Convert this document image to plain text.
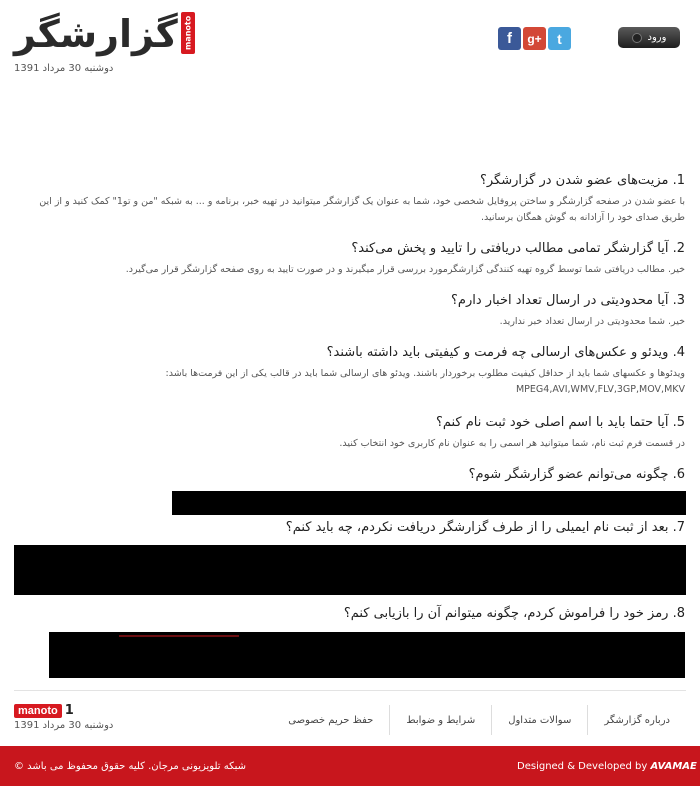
گزارشگر manoto
دوشنبه 30 مرداد 1391
f	g+	t	ورود
1. مزیت‌های عضو شدن در گزارشگر؟
با عضو شدن در صفحه گزارشگر و ساختن پروفایل شخصی خود، شما به عنوان یک گزارشگر میتوانید در تهیه خبر، برنامه و ... به شبکه "من و تو1" کمک کنید و از این طریق صدای خود را آزادانه به گوش همگان برسانید.
2. آیا گزارشگر تمامی مطالب دریافتی را تایید و پخش می‌کند؟
خیر. مطالب دریافتی شما توسط گروه تهیه کنندگی گزارشگرمورد بررسی قرار میگیرند و در صورت تایید به روی صفحه گزارشگر قرار می‌گیرد.
3. آیا محدودیتی در ارسال تعداد اخبار دارم؟
خیر. شما محدودیتی در ارسال تعداد خبر ندارید.
4. ویدئو و عکس‌های ارسالی چه فرمت و کیفیتی باید داشته باشند؟
ویدئوها و عکسهای شما باید از حداقل کیفیت مطلوب برخوردار باشند. ویدئو های ارسالی شما باید در قالب یکی از این فرمت‌ها باشد:
MPEG4,AVI,WMV,FLV,3GP,MOV,MKV
5. آیا حتما باید با اسم اصلی خود ثبت نام کنم؟
در قسمت فرم ثبت نام، شما میتوانید هر اسمی را به عنوان نام کاربری خود انتخاب کنید.
6. چگونه می‌توانم عضو گزارشگر شوم؟
7. بعد از ثبت نام ایمیلی را از طرف گزارشگر دریافت نکردم، چه باید کنم؟
8. رمز خود را فراموش کردم، چگونه میتوانم آن را بازیابی کنم؟
manoto 1
دوشنبه 30 مرداد 1391	درباره گزارشگر
سوالات متداول
شرایط و ضوابط
حفظ حریم خصوصی
شبکه تلویزیونی مرجان. کلیه حقوق محفوظ می باشد ©	Designed & Developed by AVAMAE
